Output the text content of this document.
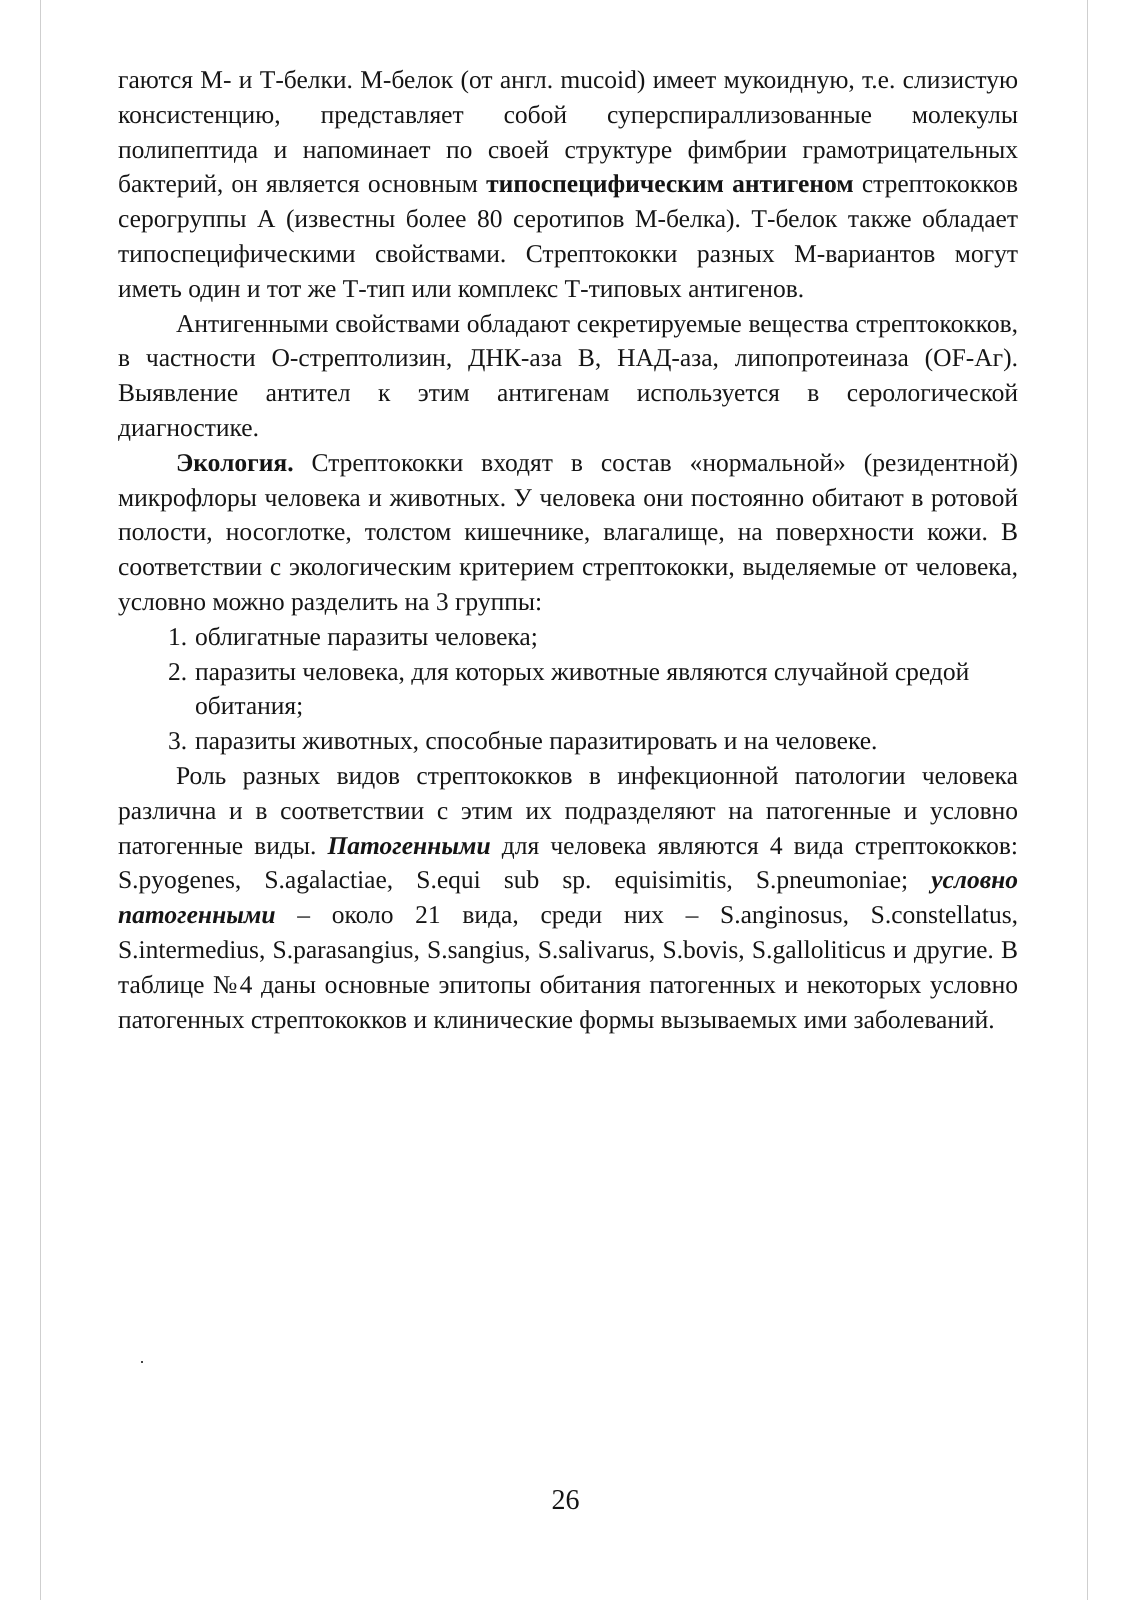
гаются М- и Т-белки. М-белок (от англ. mucoid) имеет мукоидную, т.е. слизистую консистенцию, представляет собой суперспираллизованные молекулы полипептида и напоминает по своей структуре фимбрии грамотрицательных бактерий, он является основным типоспецифическим антигеном стрептококков серогруппы А (известны более 80 серотипов М-белка). Т-белок также обладает типоспецифическими свойствами. Стрептококки разных М-вариантов могут иметь один и тот же Т-тип или комплекс Т-типовых антигенов.

Антигенными свойствами обладают секретируемые вещества стрептококков, в частности О-стрептолизин, ДНК-аза В, НАД-аза, липопротеиназа (OF-Аг). Выявление антител к этим антигенам используется в серологической диагностике.

Экология. Стрептококки входят в состав «нормальной» (резидентной) микрофлоры человека и животных. У человека они постоянно обитают в ротовой полости, носоглотке, толстом кишечнике, влагалище, на поверхности кожи. В соответствии с экологическим критерием стрептококки, выделяемые от человека, условно можно разделить на 3 группы:

1. облигатные паразиты человека;
2. паразиты человека, для которых животные являются случайной средой обитания;
3. паразиты животных, способные паразитировать и на человеке.

Роль разных видов стрептококков в инфекционной патологии человека различна и в соответствии с этим их подразделяют на патогенные и условно патогенные виды. Патогенными для человека являются 4 вида стрептококков: S.pyogenes, S.agalactiae, S.equi sub sp. equisimitis, S.pneumoniae; условно патогенными – около 21 вида, среди них – S.anginosus, S.constellatus, S.intermedius, S.parasangius, S.sangius, S.salivarus, S.bovis, S.galloliticus и другие. В таблице №4 даны основные эпитопы обитания патогенных и некоторых условно патогенных стрептококков и клинические формы вызываемых ими заболеваний.

26
